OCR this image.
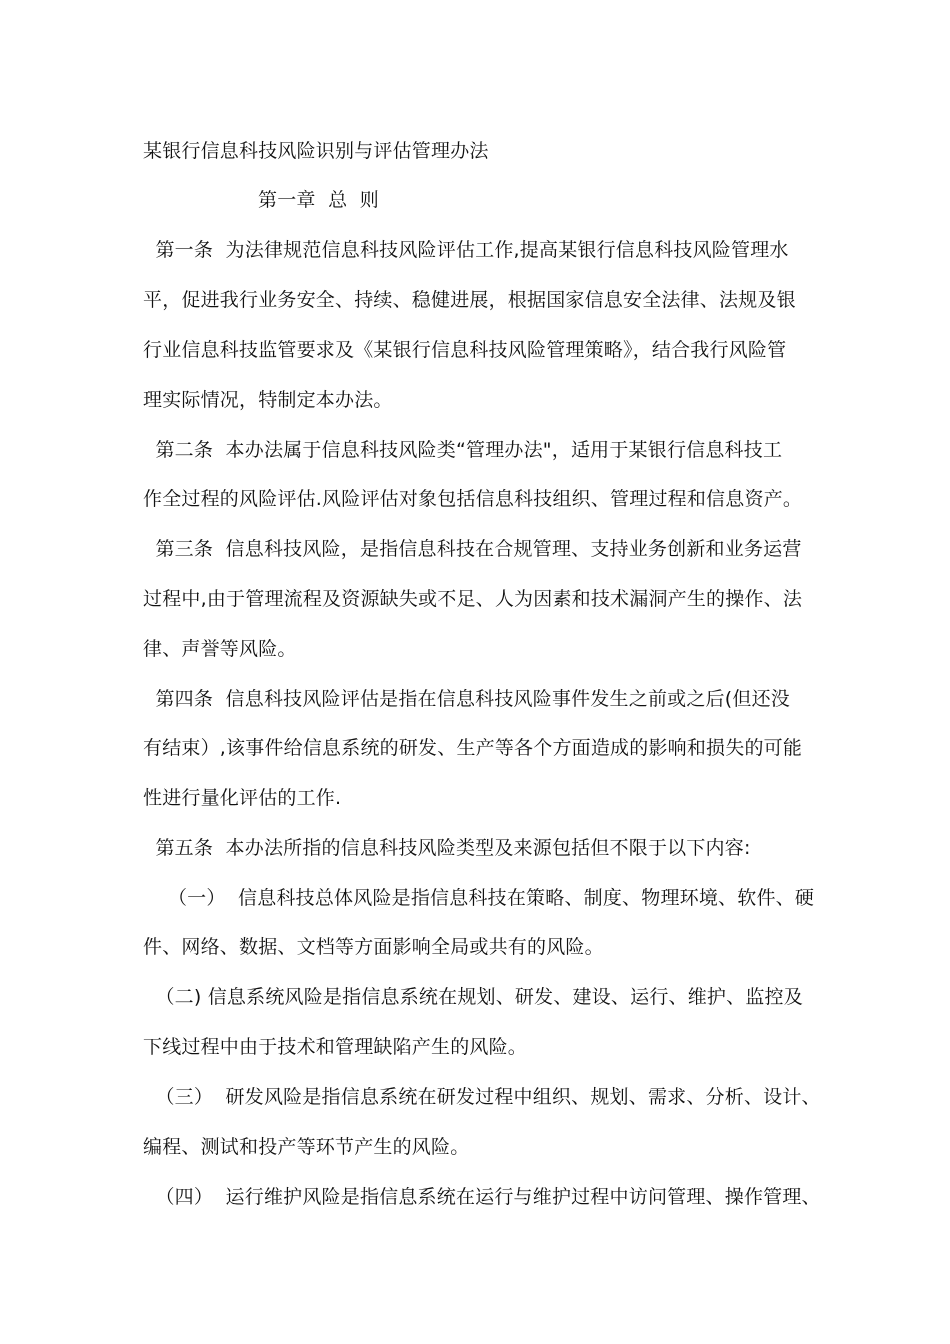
某银行信息科技风险识别与评估管理办法
第一章  总  则
第一条  为法律规范信息科技风险评估工作,提高某银行信息科技风险管理水
平，促进我行业务安全、持续、稳健进展，根据国家信息安全法律、法规及银
行业信息科技监管要求及《某银行信息科技风险管理策略》，结合我行风险管
理实际情况，特制定本办法。
第二条  本办法属于信息科技风险类“管理办法"，适用于某银行信息科技工
作全过程的风险评估.风险评估对象包括信息科技组织、管理过程和信息资产。
第三条  信息科技风险，是指信息科技在合规管理、支持业务创新和业务运营
过程中,由于管理流程及资源缺失或不足、人为因素和技术漏洞产生的操作、法
律、声誉等风险。
第四条  信息科技风险评估是指在信息科技风险事件发生之前或之后(但还没
有结束）,该事件给信息系统的研发、生产等各个方面造成的影响和损失的可能
性进行量化评估的工作.
第五条  本办法所指的信息科技风险类型及来源包括但不限于以下内容:
（一）  信息科技总体风险是指信息科技在策略、制度、物理环境、软件、硬
件、网络、数据、文档等方面影响全局或共有的风险。
（二) 信息系统风险是指信息系统在规划、研发、建设、运行、维护、监控及
下线过程中由于技术和管理缺陷产生的风险。
（三）  研发风险是指信息系统在研发过程中组织、规划、需求、分析、设计、
编程、测试和投产等环节产生的风险。
（四）  运行维护风险是指信息系统在运行与维护过程中访问管理、操作管理、
